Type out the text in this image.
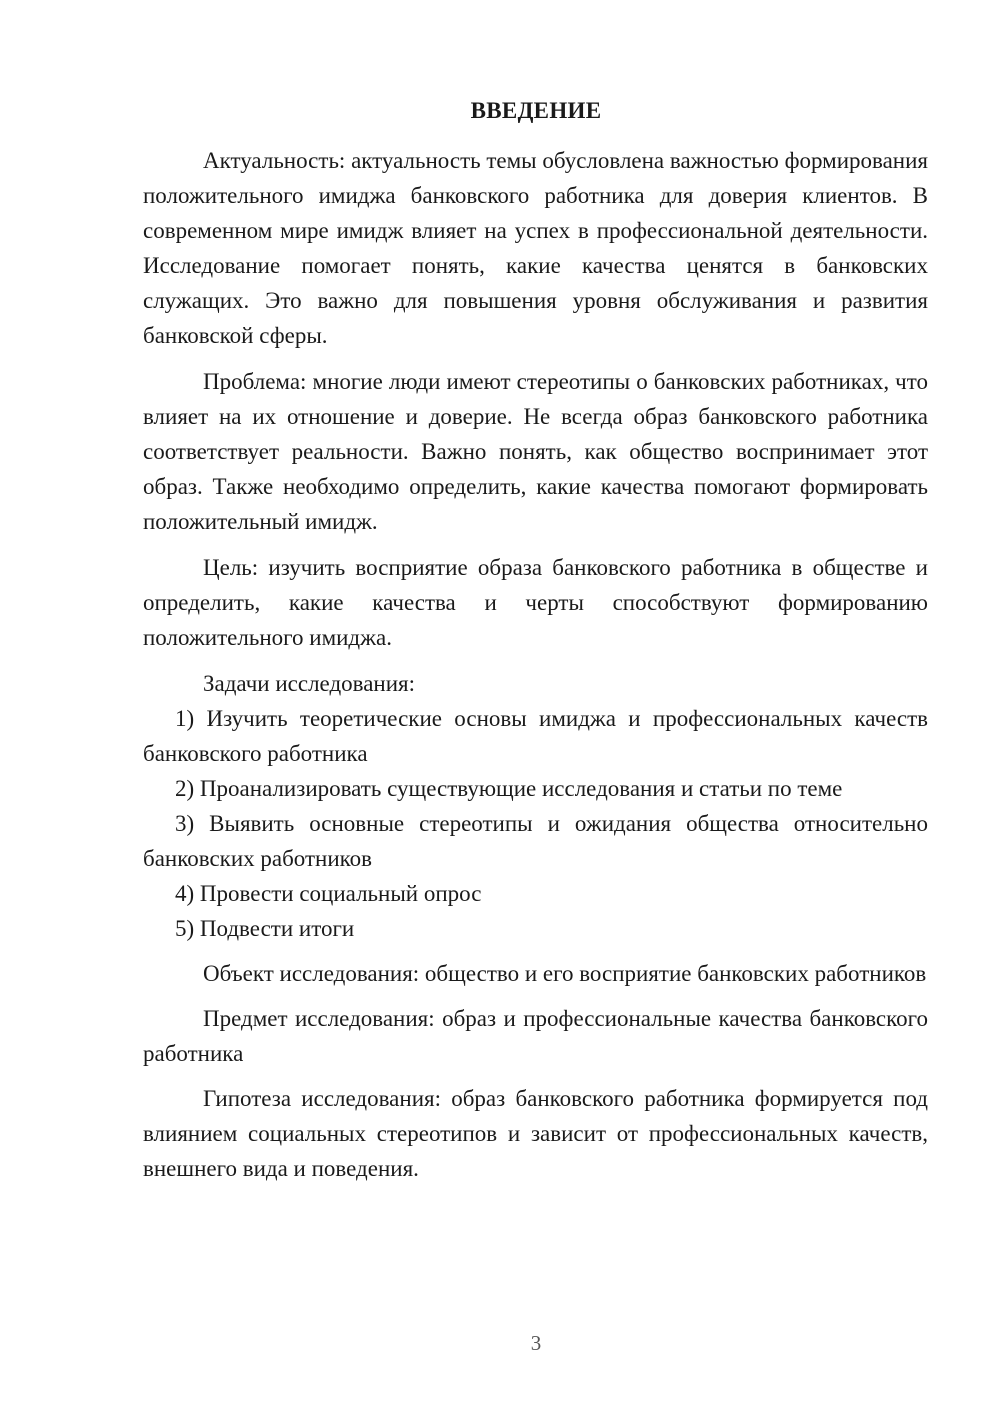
ВВЕДЕНИЕ

Актуальность: актуальность темы обусловлена важностью формирования положительного имиджа банковского работника для доверия клиентов. В современном мире имидж влияет на успех в профессиональной деятельности. Исследование помогает понять, какие качества ценятся в банковских служащих. Это важно для повышения уровня обслуживания и развития банковской сферы.

Проблема: многие люди имеют стереотипы о банковских работниках, что влияет на их отношение и доверие. Не всегда образ банковского работника соответствует реальности. Важно понять, как общество воспринимает этот образ. Также необходимо определить, какие качества помогают формировать положительный имидж.

Цель: изучить восприятие образа банковского работника в обществе и определить, какие качества и черты способствуют формированию положительного имиджа.

Задачи исследования:

1) Изучить теоретические основы имиджа и профессиональных качеств банковского работника

2) Проанализировать существующие исследования и статьи по теме

3) Выявить основные стереотипы и ожидания общества относительно банковских работников

4) Провести социальный опрос

5) Подвести итоги

Объект исследования: общество и его восприятие банковских работников

Предмет исследования: образ и профессиональные качества банковского работника

Гипотеза исследования: образ банковского работника формируется под влиянием социальных стереотипов и зависит от профессиональных качеств, внешнего вида и поведения.

3
